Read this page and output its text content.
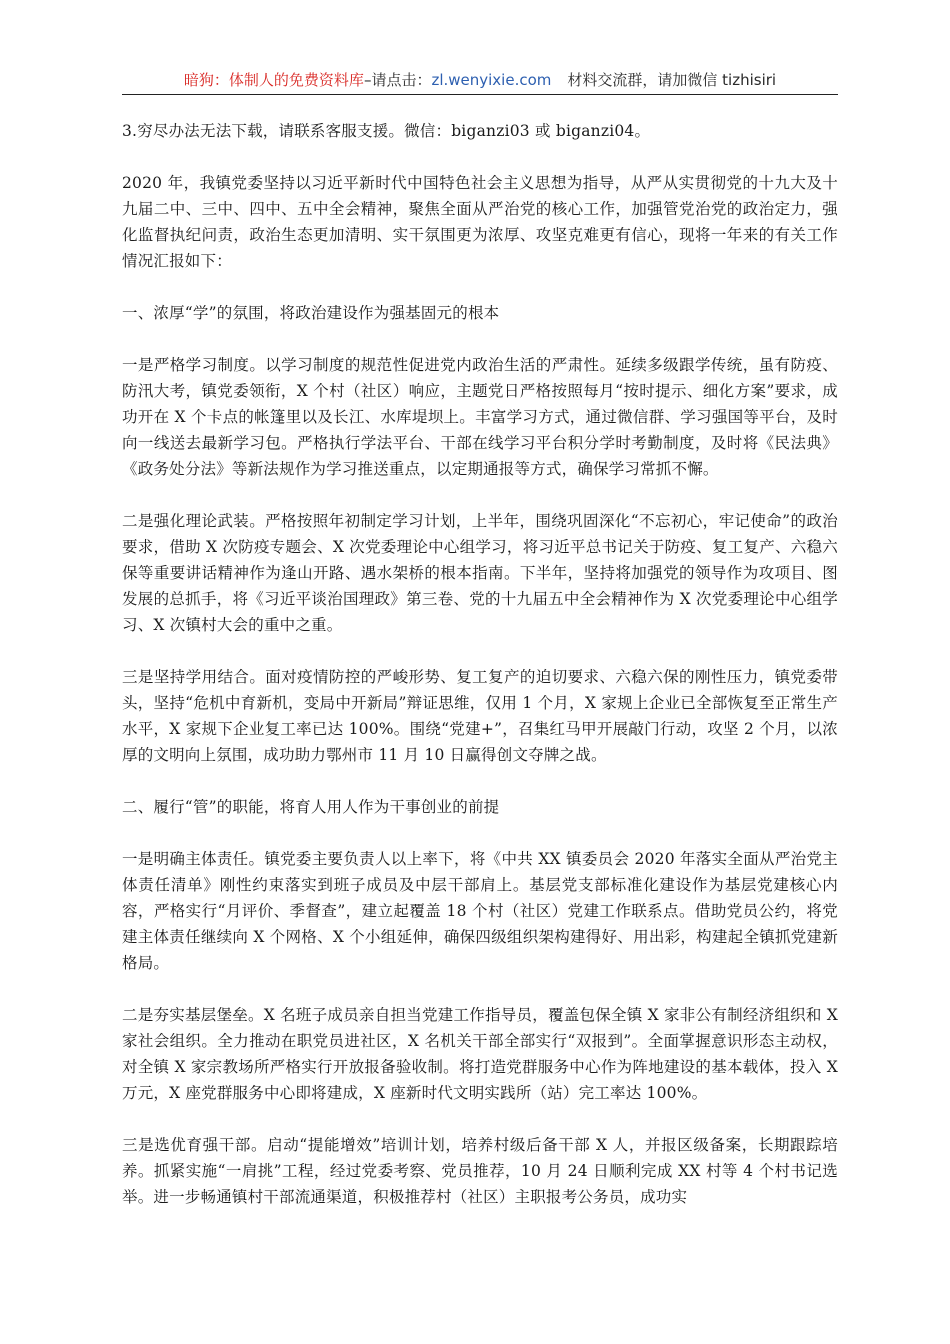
暗狗：体制人的免费资料库–请点击：zl.wenyixie.com 材料交流群，请加微信 tizhisiri

3.穷尽办法无法下载，请联系客服支援。微信：biganzi03 或 biganzi04。

2020 年，我镇党委坚持以习近平新时代中国特色社会主义思想为指导，从严从实贯彻党的十九大及十九届二中、三中、四中、五中全会精神，聚焦全面从严治党的核心工作，加强管党治党的政治定力，强化监督执纪问责，政治生态更加清明、实干氛围更为浓厚、攻坚克难更有信心，现将一年来的有关工作情况汇报如下：

一、浓厚“学”的氛围，将政治建设作为强基固元的根本

一是严格学习制度。以学习制度的规范性促进党内政治生活的严肃性。延续多级跟学传统，虽有防疫、防汛大考，镇党委领衔，X 个村（社区）响应，主题党日严格按照每月“按时提示、细化方案”要求，成功开在 X 个卡点的帐篷里以及长江、水库堤坝上。丰富学习方式，通过微信群、学习强国等平台，及时向一线送去最新学习包。严格执行学法平台、干部在线学习平台积分学时考勤制度，及时将《民法典》《政务处分法》等新法规作为学习推送重点，以定期通报等方式，确保学习常抓不懈。

二是强化理论武装。严格按照年初制定学习计划，上半年，围绕巩固深化“不忘初心，牢记使命”的政治要求，借助 X 次防疫专题会、X 次党委理论中心组学习，将习近平总书记关于防疫、复工复产、六稳六保等重要讲话精神作为逢山开路、遇水架桥的根本指南。下半年，坚持将加强党的领导作为攻项目、图发展的总抓手，将《习近平谈治国理政》第三卷、党的十九届五中全会精神作为 X 次党委理论中心组学习、X 次镇村大会的重中之重。

三是坚持学用结合。面对疫情防控的严峻形势、复工复产的迫切要求、六稳六保的刚性压力，镇党委带头，坚持“危机中育新机，变局中开新局”辩证思维，仅用 1 个月，X 家规上企业已全部恢复至正常生产水平，X 家规下企业复工率已达 100%。围绕“党建+”，召集红马甲开展敲门行动，攻坚 2 个月，以浓厚的文明向上氛围，成功助力鄂州市 11 月 10 日赢得创文夺牌之战。

二、履行“管”的职能，将育人用人作为干事创业的前提

一是明确主体责任。镇党委主要负责人以上率下，将《中共 XX 镇委员会 2020 年落实全面从严治党主体责任清单》刚性约束落实到班子成员及中层干部肩上。基层党支部标准化建设作为基层党建核心内容，严格实行“月评价、季督查”，建立起覆盖 18 个村（社区）党建工作联系点。借助党员公约，将党建主体责任继续向 X 个网格、X 个小组延伸，确保四级组织架构建得好、用出彩，构建起全镇抓党建新格局。

二是夯实基层堡垒。X 名班子成员亲自担当党建工作指导员，覆盖包保全镇 X 家非公有制经济组织和 X 家社会组织。全力推动在职党员进社区，X 名机关干部全部实行“双报到”。全面掌握意识形态主动权，对全镇 X 家宗教场所严格实行开放报备验收制。将打造党群服务中心作为阵地建设的基本载体，投入 X 万元，X 座党群服务中心即将建成，X 座新时代文明实践所（站）完工率达 100%。

三是选优育强干部。启动“提能增效”培训计划，培养村级后备干部 X 人，并报区级备案，长期跟踪培养。抓紧实施“一肩挑”工程，经过党委考察、党员推荐，10 月 24 日顺利完成 XX 村等 4 个村书记选举。进一步畅通镇村干部流通渠道，积极推荐村（社区）主职报考公务员，成功实
